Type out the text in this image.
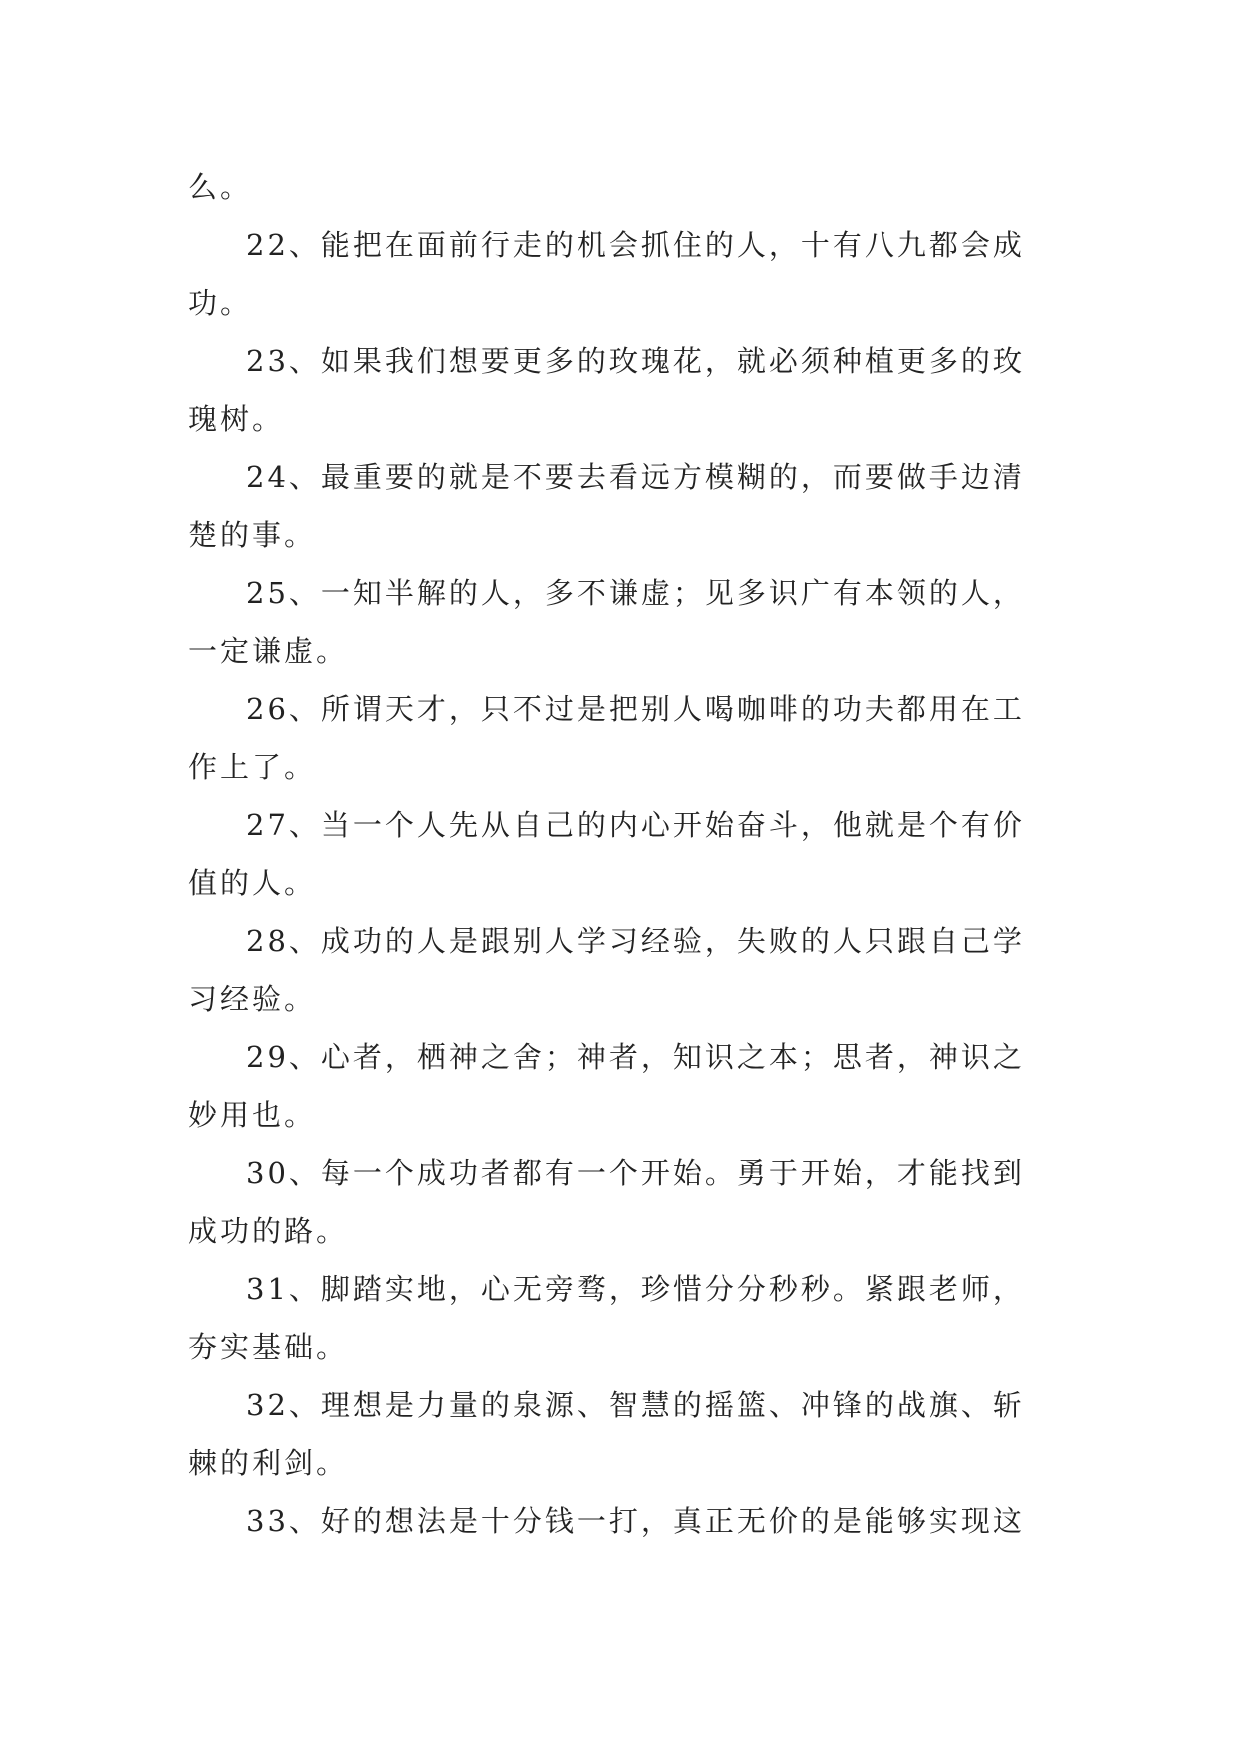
么。
22、能把在面前行走的机会抓住的人，十有八九都会成
功。
23、如果我们想要更多的玫瑰花，就必须种植更多的玫
瑰树。
24、最重要的就是不要去看远方模糊的，而要做手边清
楚的事。
25、一知半解的人，多不谦虚；见多识广有本领的人，
一定谦虚。
26、所谓天才，只不过是把别人喝咖啡的功夫都用在工
作上了。
27、当一个人先从自己的内心开始奋斗，他就是个有价
值的人。
28、成功的人是跟别人学习经验，失败的人只跟自己学
习经验。
29、心者，栖神之舍；神者，知识之本；思者，神识之
妙用也。
30、每一个成功者都有一个开始。勇于开始，才能找到
成功的路。
31、脚踏实地，心无旁骛，珍惜分分秒秒。紧跟老师，
夯实基础。
32、理想是力量的泉源、智慧的摇篮、冲锋的战旗、斩
棘的利剑。
33、好的想法是十分钱一打，真正无价的是能够实现这
